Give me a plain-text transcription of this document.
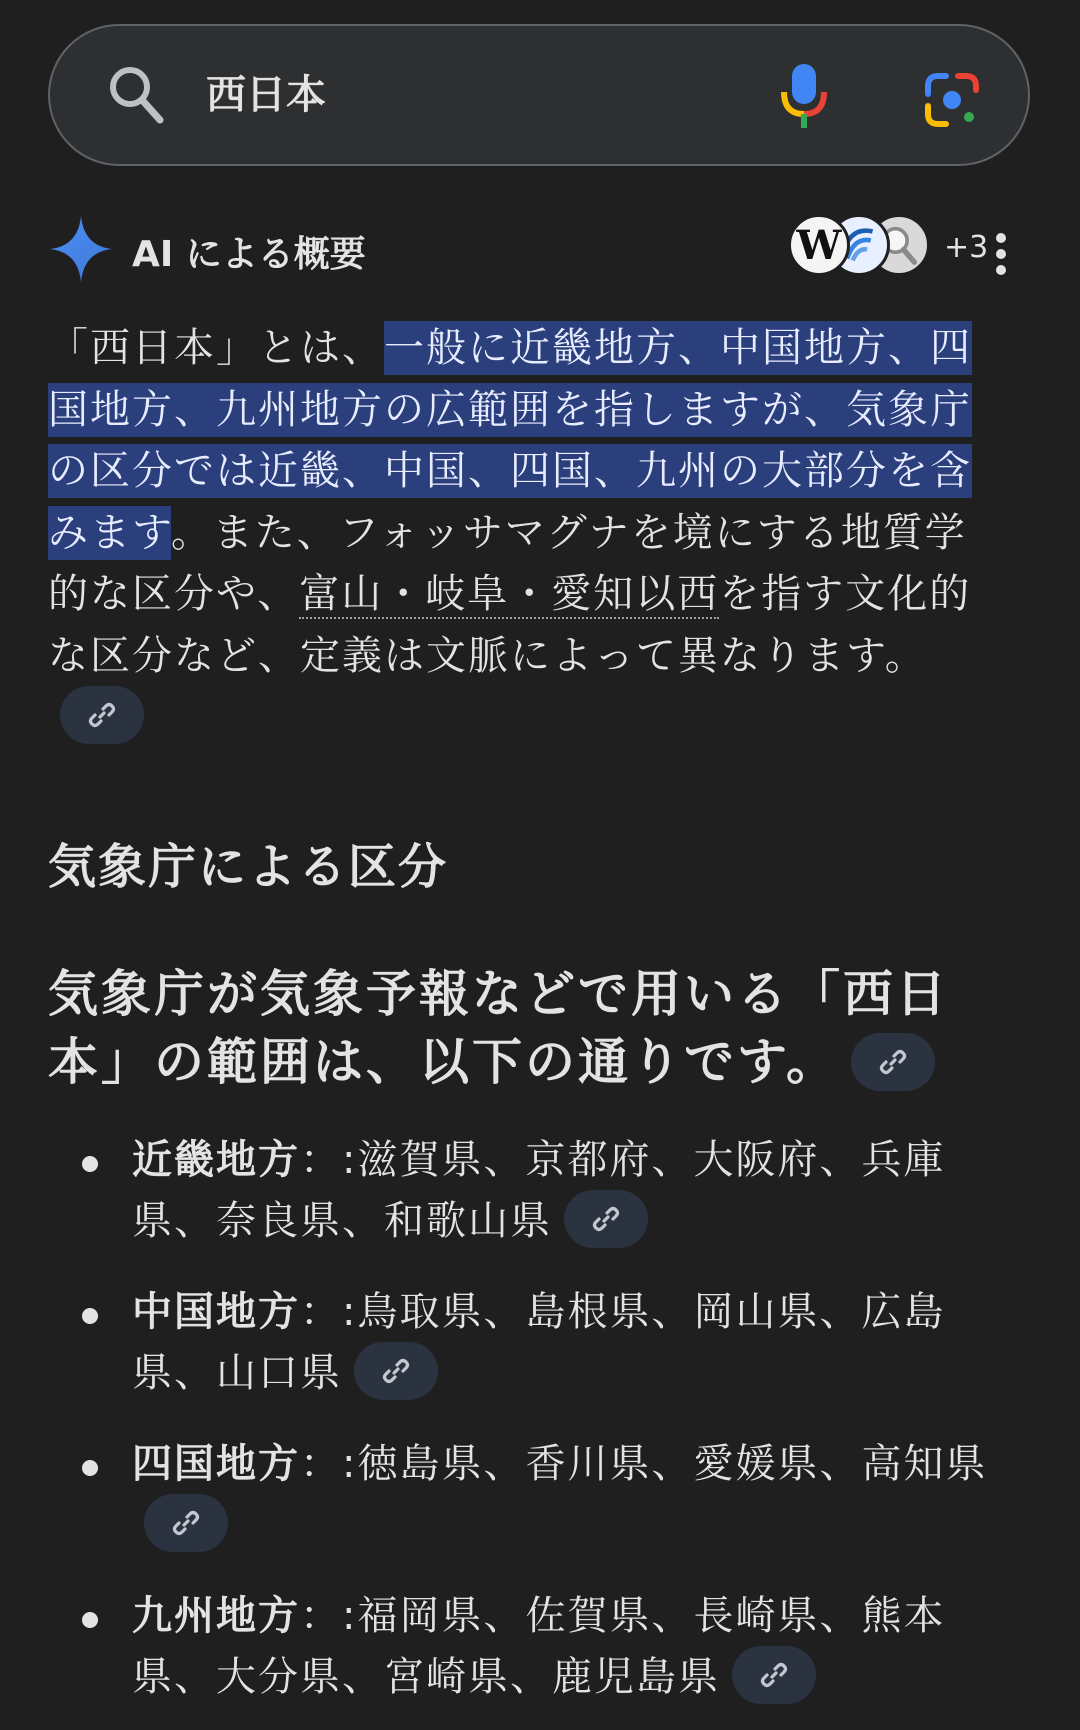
西日本
AI による概要	W	+3

「西日本」とは、一般に近畿地方、中国地方、四国地方、九州地方の広範囲を指しますが、気象庁の区分では近畿、中国、四国、九州の大部分を含みます。また、フォッサマグナを境にする地質学的な区分や、富山・岐阜・愛知以西を指す文化的な区分など、定義は文脈によって異なります。

気象庁による区分

気象庁が気象予報などで用いる「西日本」の範囲は、以下の通りです。

近畿地方：:滋賀県、京都府、大阪府、兵庫県、奈良県、和歌山県

中国地方：:鳥取県、島根県、岡山県、広島県、山口県

四国地方：:徳島県、香川県、愛媛県、高知県

九州地方：:福岡県、佐賀県、長崎県、熊本県、大分県、宮崎県、鹿児島県
